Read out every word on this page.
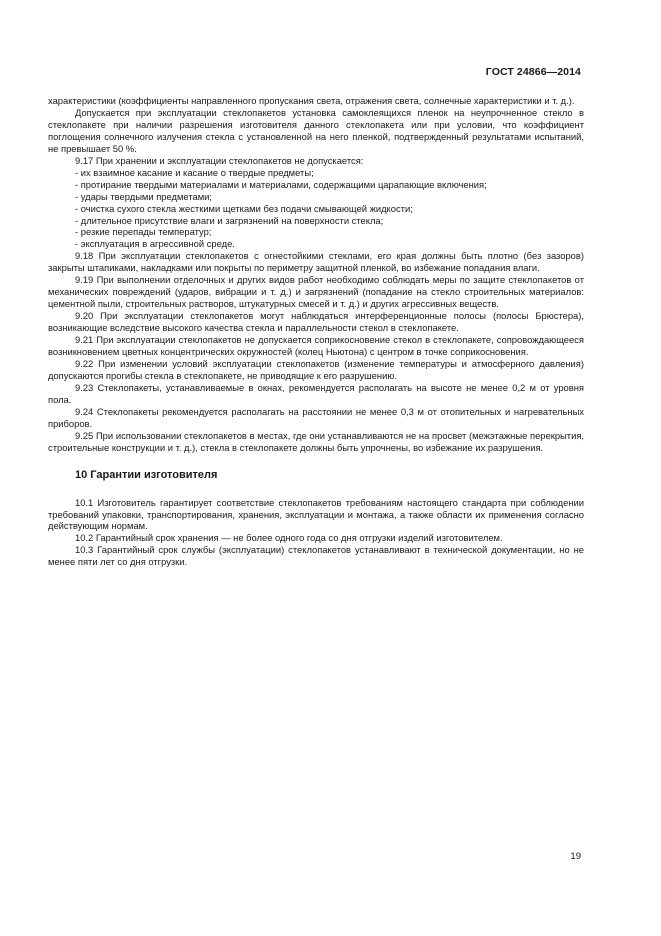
ГОСТ 24866—2014

характеристики (коэффициенты направленного пропускания света, отражения света, солнечные характеристики и т. д.).

Допускается при эксплуатации стеклопакетов установка самоклеящихся пленок на неупрочненное стекло в стеклопакете при наличии разрешения изготовителя данного стеклопакета или при условии, что коэффициент поглощения солнечного излучения стекла с установленной на него пленкой, подтвержденный результатами испытаний, не превышает 50 %.

9.17 При хранении и эксплуатации стеклопакетов не допускается:

- их взаимное касание и касание о твердые предметы;

- протирание твердыми материалами и материалами, содержащими царапающие включения;

- удары твердыми предметами;

- очистка сухого стекла жесткими щетками без подачи смывающей жидкости;

- длительное присутствие влаги и загрязнений на поверхности стекла;

- резкие перепады температур;

- эксплуатация в агрессивной среде.

9.18 При эксплуатации стеклопакетов с огнестойкими стеклами, его края должны быть плотно (без зазоров) закрыты штапиками, накладками или покрыты по периметру защитной пленкой, во избежание попадания влаги.

9.19 При выполнении отделочных и других видов работ необходимо соблюдать меры по защите стеклопакетов от механических повреждений (ударов, вибрации и т. д.) и загрязнений (попадание на стекло строительных материалов: цементной пыли, строительных растворов, штукатурных смесей и т. д.) и других агрессивных веществ.

9.20 При эксплуатации стеклопакетов могут наблюдаться интерференционные полосы (полосы Брюстера), возникающие вследствие высокого качества стекла и параллельности стекол в стеклопакете.

9.21 При эксплуатации стеклопакетов не допускается соприкосновение стекол в стеклопакете, сопровождающееся возникновением цветных концентрических окружностей (колец Ньютона) с центром в точке соприкосновения.

9.22 При изменении условий эксплуатации стеклопакетов (изменение температуры и атмосферного давления) допускаются прогибы стекла в стеклопакете, не приводящие к его разрушению.

9.23 Стеклопакеты, устанавливаемые в окнах, рекомендуется располагать на высоте не менее 0,2 м от уровня пола.

9.24 Стеклопакеты рекомендуется располагать на расстоянии не менее 0,3 м от отопительных и нагревательных приборов.

9.25 При использовании стеклопакетов в местах, где они устанавливаются не на просвет (межэтажные перекрытия, строительные конструкции и т. д.), стекла в стеклопакете должны быть упрочнены, во избежание их разрушения.

10 Гарантии изготовителя

10.1 Изготовитель гарантирует соответствие стеклопакетов требованиям настоящего стандарта при соблюдении требований упаковки, транспортирования, хранения, эксплуатации и монтажа, а также области их применения согласно действующим нормам.

10.2 Гарантийный срок хранения — не более одного года со дня отгрузки изделий изготовителем.

10.3 Гарантийный срок службы (эксплуатации) стеклопакетов устанавливают в технической документации, но не менее пяти лет со дня отгрузки.

19
